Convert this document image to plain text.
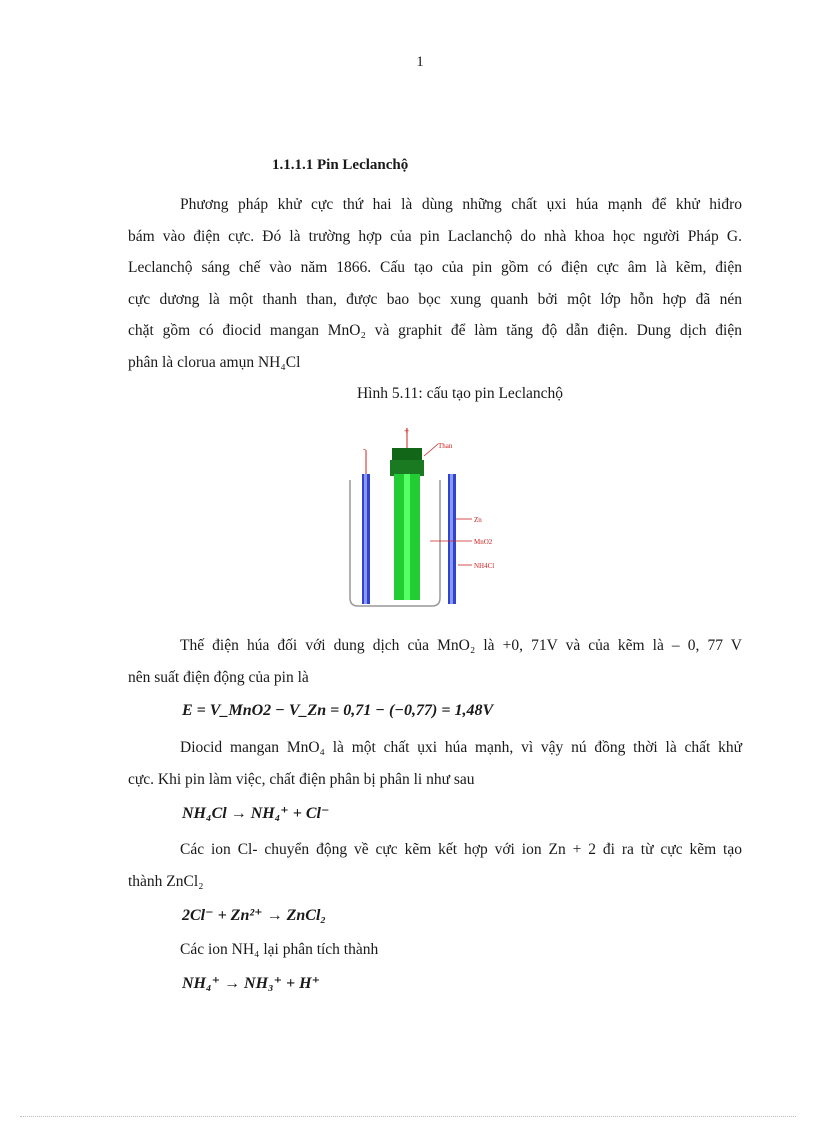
1
1.1.1.1 Pin Leclanchộ
Phương pháp khử cực thứ hai là dùng những chất ụxi húa mạnh để khử hiđro
bám vào điện cực. Đó là trường hợp của pin Laclanchộ do nhà khoa học người Pháp G.
Leclanchộ sáng chế vào năm 1866. Cấu tạo của pin gồm có điện cực âm là kẽm, điện
cực dương là một thanh than, được bao bọc xung quanh bởi một lớp hỗn hợp đã nén
chặt gồm có điocid mangan MnO₂ và graphit để làm tăng độ dẫn điện. Dung dịch điện
phân là clorua amụn NH₄Cl
Hình 5.11: cấu tạo pin Leclanchộ
+
-	Than
Zn
MnO2
NH4Cl
Thế điện húa đối với dung dịch của MnO₂ là +0, 71V và của kẽm là – 0, 77 V
nên suất điện động của pin là
E = V_MnO2 − V_Zn = 0,71 − (−0,77) = 1,48V
Diocid mangan MnO₄ là một chất ụxi húa mạnh, vì vậy nú đồng thời là chất khử
cực. Khi pin làm việc, chất điện phân bị phân li như sau
NH₄Cl → NH₄⁺ + Cl⁻
Các ion Cl- chuyển động về cực kẽm kết hợp với ion Zn + 2 đi ra từ cực kẽm tạo
thành ZnCl₂
2Cl⁻ + Zn²⁺ → ZnCl₂
Các ion NH₄ lại phân tích thành
NH₄⁺ → NH₃⁺ + H⁺
